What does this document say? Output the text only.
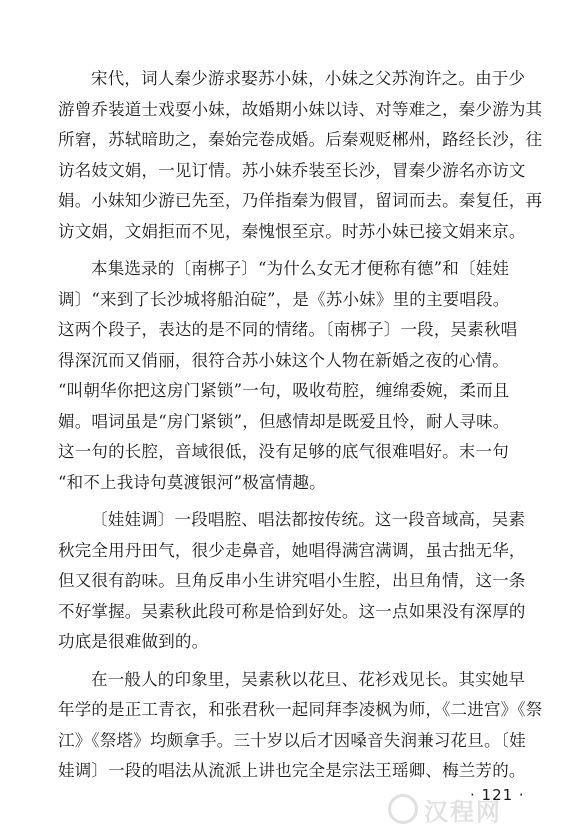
宋代，词人秦少游求娶苏小妹，小妹之父苏洵许之。由于少

游曾乔装道士戏耍小妹，故婚期小妹以诗、对等难之，秦少游为其

所窘，苏轼暗助之，秦始完卷成婚。后秦观贬郴州，路经长沙，往

访名妓文娟，一见订情。苏小妹乔装至长沙，冒秦少游名亦访文

娟。小妹知少游已先至，乃佯指秦为假冒，留词而去。秦复任，再

访文娟，文娟拒而不见，秦愧恨至京。时苏小妹已接文娟来京。

本集选录的〔南梆子〕“为什么女无才便称有德”和〔娃娃

调〕“来到了长沙城将船泊碇”，是《苏小妹》里的主要唱段。

这两个段子，表达的是不同的情绪。〔南梆子〕一段，吴素秋唱

得深沉而又俏丽，很符合苏小妹这个人物在新婚之夜的心情。

“叫朝华你把这房门紧锁”一句，吸收苟腔，缠绵委婉，柔而且

媚。唱词虽是“房门紧锁”，但感情却是既爱且怜，耐人寻味。

这一句的长腔，音域很低，没有足够的底气很难唱好。末一句

“和不上我诗句莫渡银河”极富情趣。

〔娃娃调〕一段唱腔、唱法都按传统。这一段音域高，吴素

秋完全用丹田气，很少走鼻音，她唱得满宫满调，虽古拙无华，

但又很有韵味。旦角反串小生讲究唱小生腔，出旦角情，这一条

不好掌握。吴素秋此段可称是恰到好处。这一点如果没有深厚的

功底是很难做到的。

在一般人的印象里，吴素秋以花旦、花衫戏见长。其实她早

年学的是正工青衣，和张君秋一起同拜李凌枫为师，《二进宫》《祭

江》《祭塔》均颇拿手。三十岁以后才因嗓音失润兼习花旦。〔娃

娃调〕一段的唱法从流派上讲也完全是宗法王瑶卿、梅兰芳的。

· 121 ·
汉程网
